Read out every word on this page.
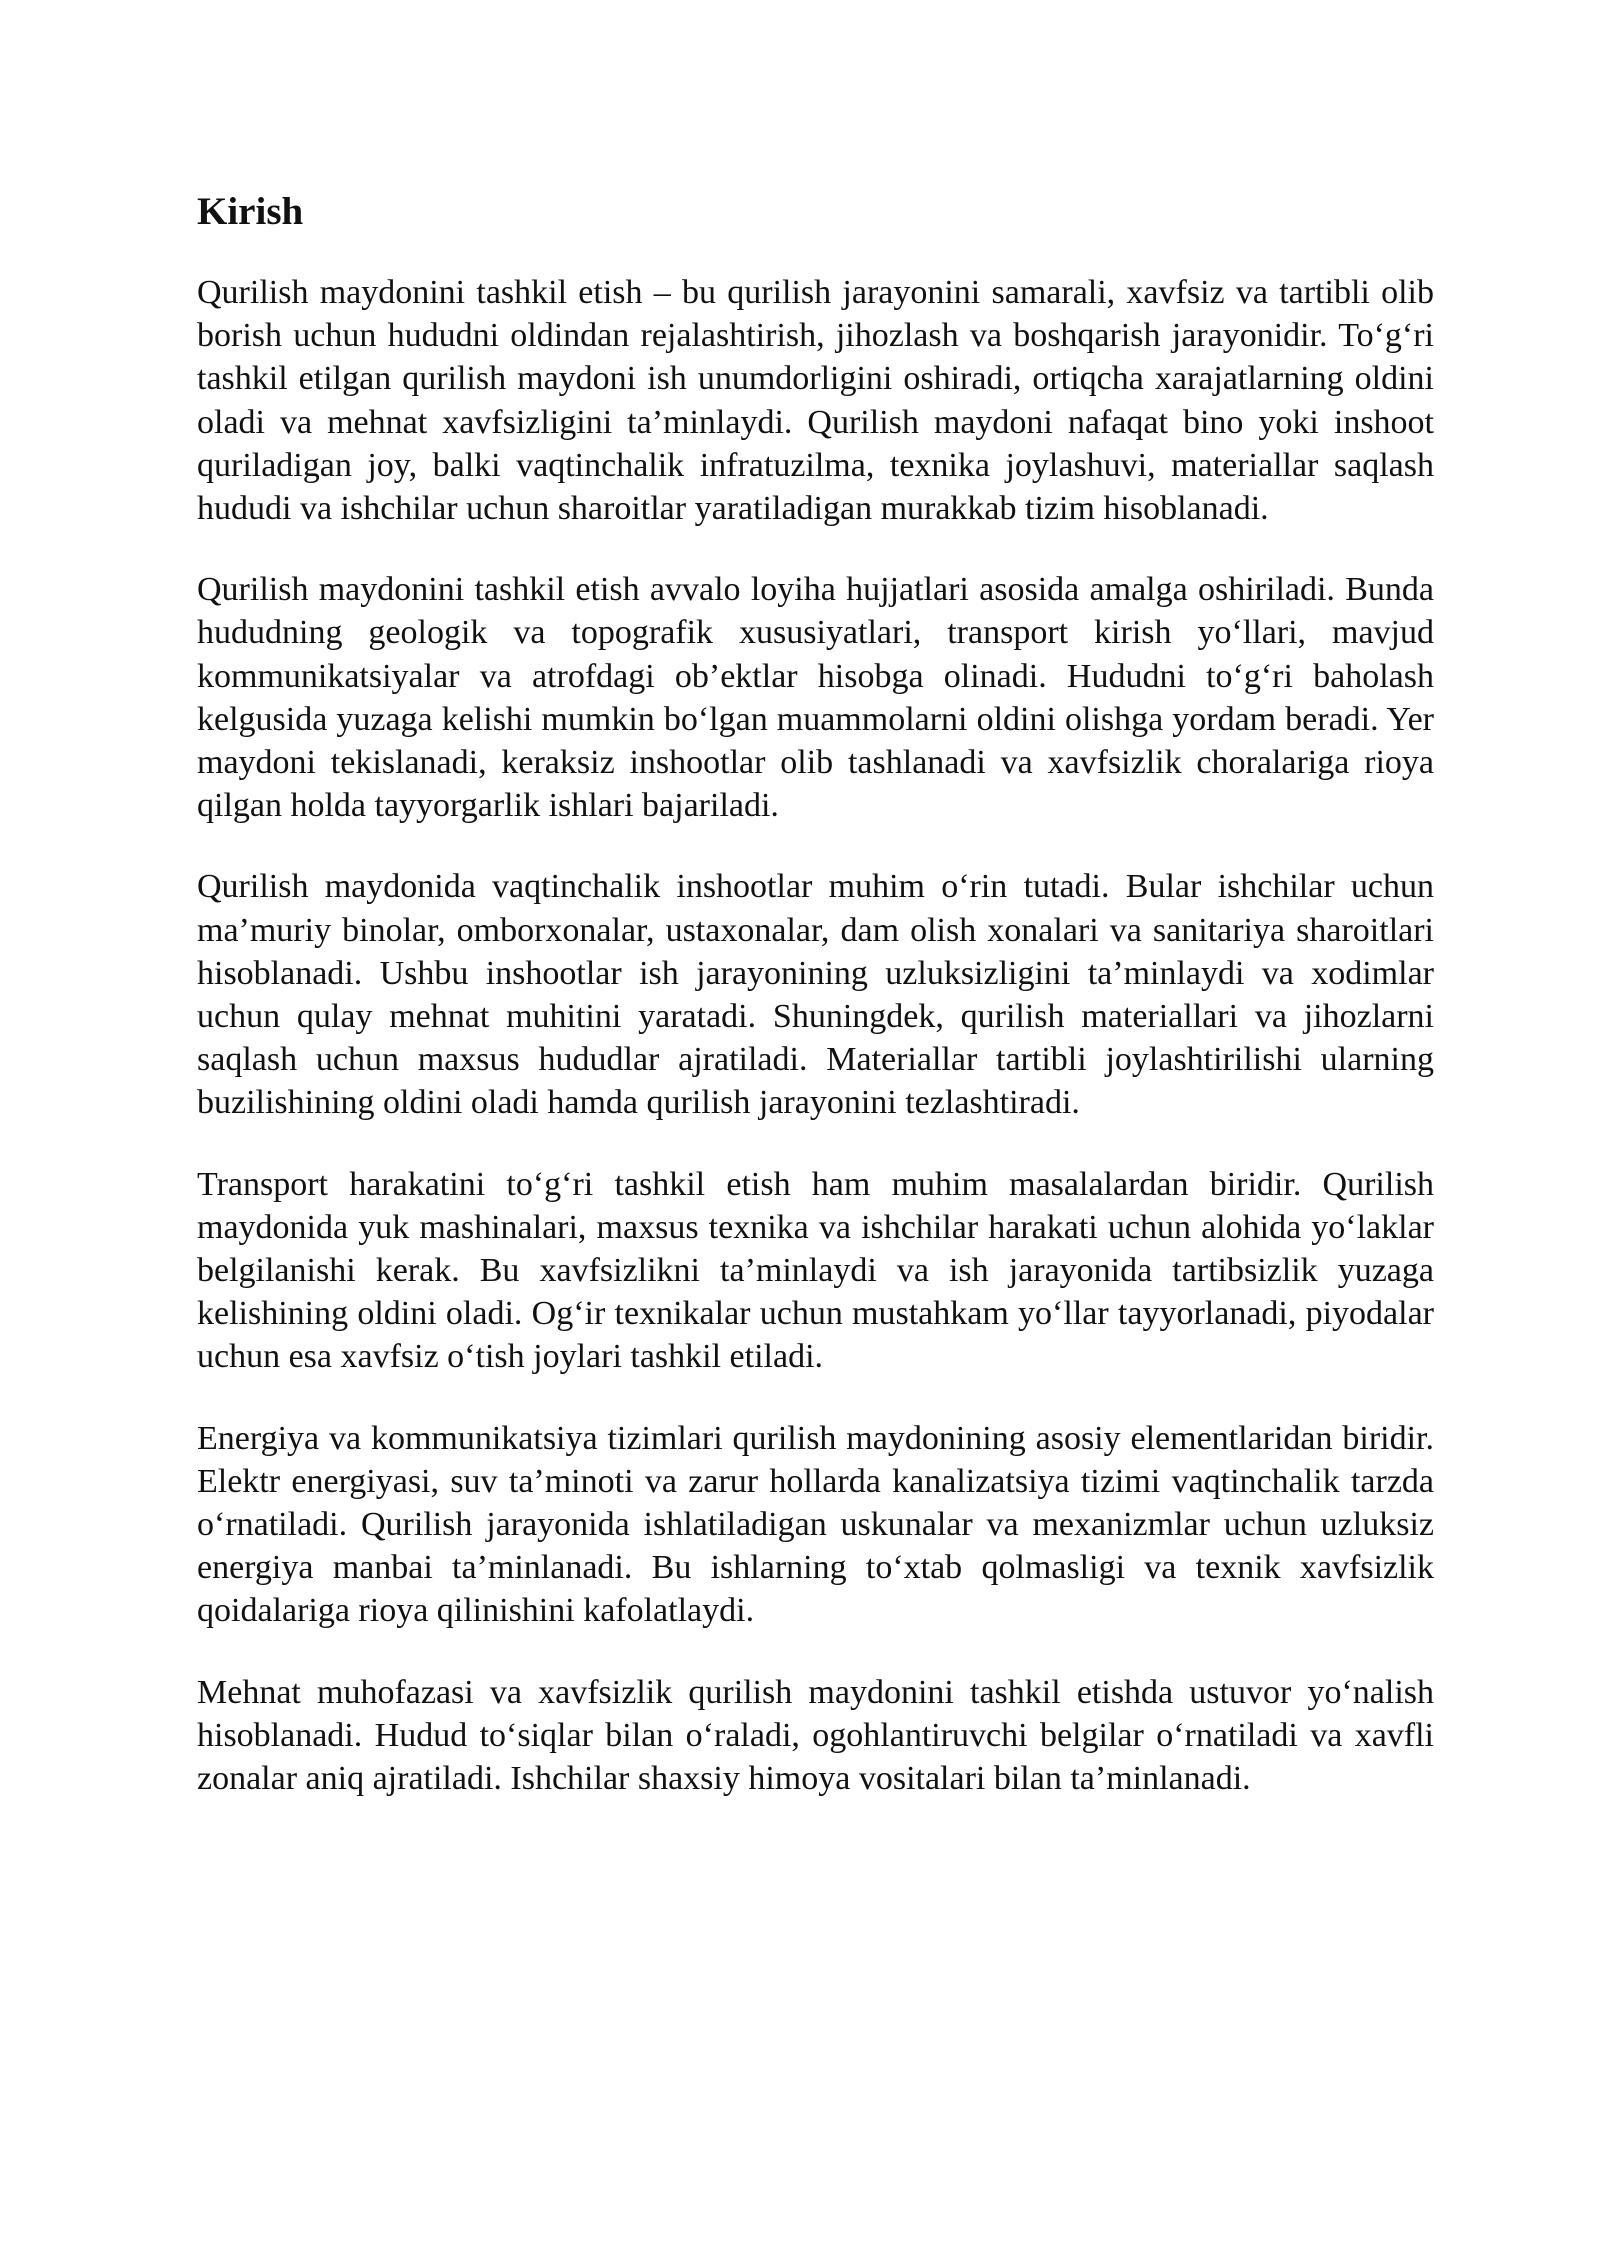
Kirish

Qurilish maydonini tashkil etish – bu qurilish jarayonini samarali, xavfsiz va tartibli olib borish uchun hududni oldindan rejalashtirish, jihozlash va boshqarish jarayonidir. To‘g‘ri tashkil etilgan qurilish maydoni ish unumdorligini oshiradi, ortiqcha xarajatlarning oldini oladi va mehnat xavfsizligini ta’minlaydi. Qurilish maydoni nafaqat bino yoki inshoot quriladigan joy, balki vaqtinchalik infratuzilma, texnika joylashuvi, materiallar saqlash hududi va ishchilar uchun sharoitlar yaratiladigan murakkab tizim hisoblanadi.

Qurilish maydonini tashkil etish avvalo loyiha hujjatlari asosida amalga oshiriladi. Bunda hududning geologik va topografik xususiyatlari, transport kirish yo‘llari, mavjud kommunikatsiyalar va atrofdagi ob’ektlar hisobga olinadi. Hududni to‘g‘ri baholash kelgusida yuzaga kelishi mumkin bo‘lgan muammolarni oldini olishga yordam beradi. Yer maydoni tekislanadi, keraksiz inshootlar olib tashlanadi va xavfsizlik choralariga rioya qilgan holda tayyorgarlik ishlari bajariladi.

Qurilish maydonida vaqtinchalik inshootlar muhim o‘rin tutadi. Bular ishchilar uchun ma’muriy binolar, omborxonalar, ustaxonalar, dam olish xonalari va sanitariya sharoitlari hisoblanadi. Ushbu inshootlar ish jarayonining uzluksizligini ta’minlaydi va xodimlar uchun qulay mehnat muhitini yaratadi. Shuningdek, qurilish materiallari va jihozlarni saqlash uchun maxsus hududlar ajratiladi. Materiallar tartibli joylashtirilishi ularning buzilishining oldini oladi hamda qurilish jarayonini tezlashtiradi.

Transport harakatini to‘g‘ri tashkil etish ham muhim masalalardan biridir. Qurilish maydonida yuk mashinalari, maxsus texnika va ishchilar harakati uchun alohida yo‘laklar belgilanishi kerak. Bu xavfsizlikni ta’minlaydi va ish jarayonida tartibsizlik yuzaga kelishining oldini oladi. Og‘ir texnikalar uchun mustahkam yo‘llar tayyorlanadi, piyodalar uchun esa xavfsiz o‘tish joylari tashkil etiladi.

Energiya va kommunikatsiya tizimlari qurilish maydonining asosiy elementlaridan biridir. Elektr energiyasi, suv ta’minoti va zarur hollarda kanalizatsiya tizimi vaqtinchalik tarzda o‘rnatiladi. Qurilish jarayonida ishlatiladigan uskunalar va mexanizmlar uchun uzluksiz energiya manbai ta’minlanadi. Bu ishlarning to‘xtab qolmasligi va texnik xavfsizlik qoidalariga rioya qilinishini kafolatlaydi.

Mehnat muhofazasi va xavfsizlik qurilish maydonini tashkil etishda ustuvor yo‘nalish hisoblanadi. Hudud to‘siqlar bilan o‘raladi, ogohlantiruvchi belgilar o‘rnatiladi va xavfli zonalar aniq ajratiladi. Ishchilar shaxsiy himoya vositalari bilan ta’minlanadi.
